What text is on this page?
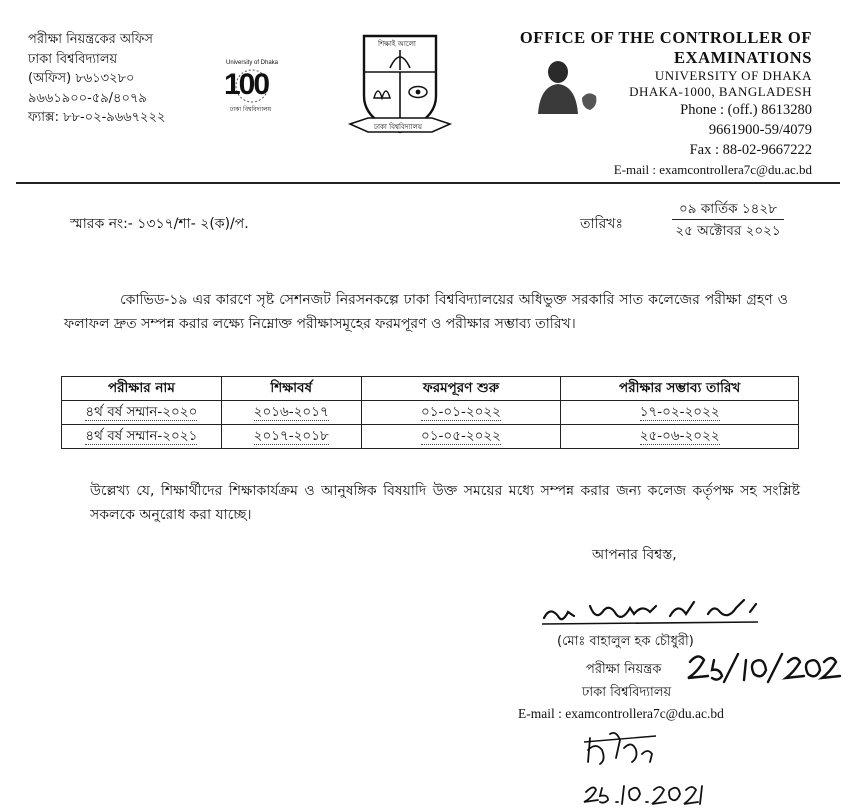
পরীক্ষা নিয়ন্ত্রকের অফিস
ঢাকা বিশ্ববিদ্যালয়
(অফিস) ৮৬১৩২৮০
৯৬৬১৯০০-৫৯/৪০৭৯
ফ্যাক্স: ৮৮-০২-৯৬৬৭২২২
University of Dhaka
100
ঢাকা বিশ্ববিদ্যালয়
শিক্ষাই আলো
ঢাকা বিশ্ববিদ্যালয়
OFFICE OF THE CONTROLLER OF
EXAMINATIONS
UNIVERSITY OF DHAKA
DHAKA-1000, BANGLADESH
Phone : (off.) 8613280
9661900-59/4079
Fax : 88-02-9667222
E-mail : examcontrollera7c@du.ac.bd
স্মারক নং:- ১৩১৭/শা- ২(ক)/প.	তারিখঃ
০৯ কার্তিক ১৪২৮
২৫ অক্টোবর ২০২১
কোভিড-১৯ এর কারণে সৃষ্ট সেশনজট নিরসনকল্পে ঢাকা বিশ্ববিদ্যালয়ের অধিভুক্ত সরকারি সাত কলেজের পরীক্ষা গ্রহণ ও ফলাফল দ্রুত সম্পন্ন করার লক্ষ্যে নিম্নোক্ত পরীক্ষাসমূহের ফরমপূরণ ও পরীক্ষার সম্ভাব্য তারিখ।
পরীক্ষার নাম	শিক্ষাবর্ষ	ফরমপূরণ শুরু	পরীক্ষার সম্ভাব্য তারিখ
৪র্থ বর্ষ সম্মান-২০২০	২০১৬-২০১৭	০১-০১-২০২২	১৭-০২-২০২২
৪র্থ বর্ষ সম্মান-২০২১	২০১৭-২০১৮	০১-০৫-২০২২	২৫-০৬-২০২২
উল্লেখ্য যে, শিক্ষার্থীদের শিক্ষাকার্যক্রম ও আনুষঙ্গিক বিষয়াদি উক্ত সময়ের মধ্যে সম্পন্ন করার জন্য কলেজ কর্তৃপক্ষ সহ সংশ্লিষ্ট সকলকে অনুরোধ করা যাচ্ছে।
আপনার বিশ্বস্ত,
(মোঃ বাহালুল হক চৌধুরী)
পরীক্ষা নিয়ন্ত্রক
ঢাকা বিশ্ববিদ্যালয়
E-mail : examcontrollera7c@du.ac.bd
